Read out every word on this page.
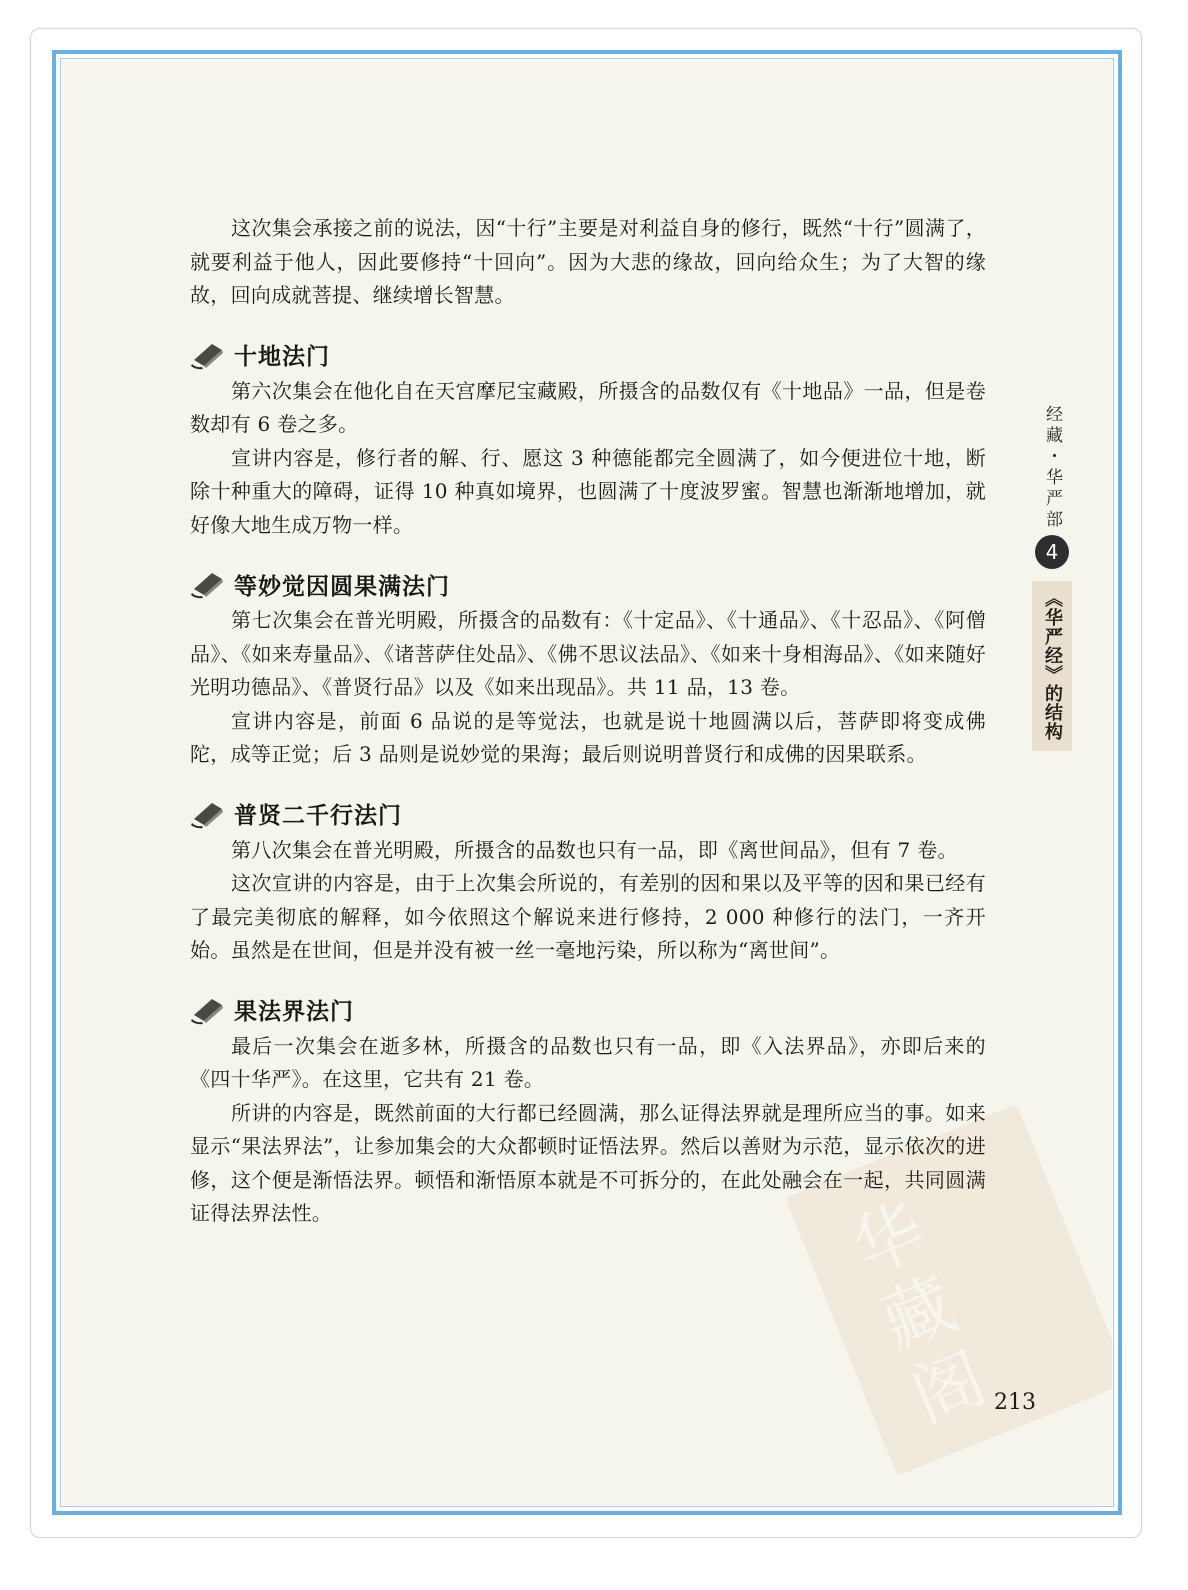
华藏阁

这次集会承接之前的说法，因“十行”主要是对利益自身的修行，既然“十行”圆满了，就要利益于他人，因此要修持“十回向”。因为大悲的缘故，回向给众生；为了大智的缘故，回向成就菩提、继续增长智慧。

十地法门

第六次集会在他化自在天宫摩尼宝藏殿，所摄含的品数仅有《十地品》一品，但是卷数却有 6 卷之多。

宣讲内容是，修行者的解、行、愿这 3 种德能都完全圆满了，如今便进位十地，断除十种重大的障碍，证得 10 种真如境界，也圆满了十度波罗蜜。智慧也渐渐地增加，就好像大地生成万物一样。

等妙觉因圆果满法门

第七次集会在普光明殿，所摄含的品数有：《十定品》、《十通品》、《十忍品》、《阿僧品》、《如来寿量品》、《诸菩萨住处品》、《佛不思议法品》、《如来十身相海品》、《如来随好光明功德品》、《普贤行品》以及《如来出现品》。共 11 品，13 卷。

宣讲内容是，前面 6 品说的是等觉法，也就是说十地圆满以后，菩萨即将变成佛陀，成等正觉；后 3 品则是说妙觉的果海；最后则说明普贤行和成佛的因果联系。

普贤二千行法门

第八次集会在普光明殿，所摄含的品数也只有一品，即《离世间品》，但有 7 卷。

这次宣讲的内容是，由于上次集会所说的，有差别的因和果以及平等的因和果已经有了最完美彻底的解释，如今依照这个解说来进行修持，2 000 种修行的法门，一齐开始。虽然是在世间，但是并没有被一丝一毫地污染，所以称为“离世间”。

果法界法门

最后一次集会在逝多林，所摄含的品数也只有一品，即《入法界品》，亦即后来的《四十华严》。在这里，它共有 21 卷。

所讲的内容是，既然前面的大行都已经圆满，那么证得法界就是理所应当的事。如来显示“果法界法”，让参加集会的大众都顿时证悟法界。然后以善财为示范，显示依次的进修，这个便是渐悟法界。顿悟和渐悟原本就是不可拆分的，在此处融会在一起，共同圆满证得法界法性。

经藏・华严部
4
《华严经》的结构
213
